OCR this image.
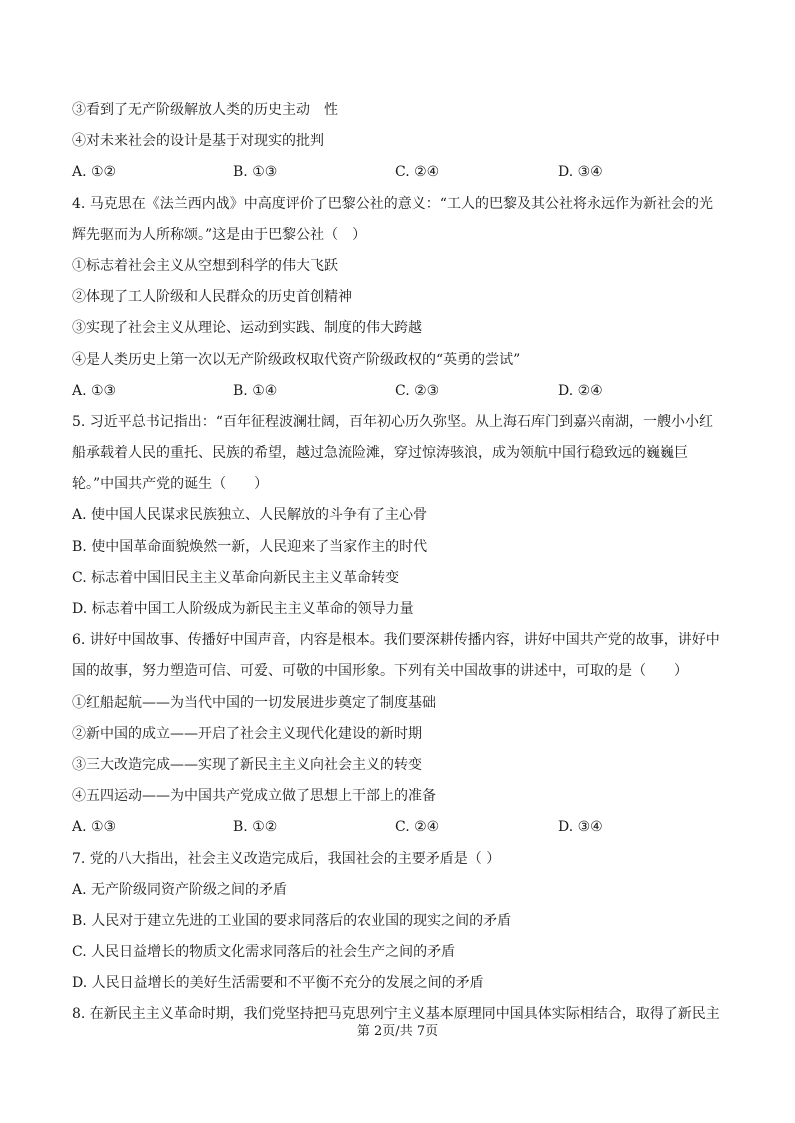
③看到了无产阶级解放人类的历史主动　性
④对未来社会的设计是基于对现实的批判
A. ①②	B. ①③	C. ②④	D. ③④
4. 马克思在《法兰西内战》中高度评价了巴黎公社的意义：“工人的巴黎及其公社将永远作为新社会的光
辉先驱而为人所称颂。”这是由于巴黎公社（　）
①标志着社会主义从空想到科学的伟大飞跃
②体现了工人阶级和人民群众的历史首创精神
③实现了社会主义从理论、运动到实践、制度的伟大跨越
④是人类历史上第一次以无产阶级政权取代资产阶级政权的“英勇的尝试”
A. ①③	B. ①④	C. ②③	D. ②④
5. 习近平总书记指出：“百年征程波澜壮阔，百年初心历久弥坚。从上海石库门到嘉兴南湖，一艘小小红
船承载着人民的重托、民族的希望，越过急流险滩，穿过惊涛骇浪，成为领航中国行稳致远的巍巍巨
轮。”中国共产党的诞生（　　）
A. 使中国人民谋求民族独立、人民解放的斗争有了主心骨
B. 使中国革命面貌焕然一新，人民迎来了当家作主的时代
C. 标志着中国旧民主主义革命向新民主主义革命转变
D. 标志着中国工人阶级成为新民主主义革命的领导力量
6. 讲好中国故事、传播好中国声音，内容是根本。我们要深耕传播内容，讲好中国共产党的故事，讲好中
国的故事，努力塑造可信、可爱、可敬的中国形象。下列有关中国故事的讲述中，可取的是（　　）
①红船起航——为当代中国的一切发展进步奠定了制度基础
②新中国的成立——开启了社会主义现代化建设的新时期
③三大改造完成——实现了新民主主义向社会主义的转变
④五四运动——为中国共产党成立做了思想上干部上的准备
A. ①③	B. ①②	C. ②④	D. ③④
7. 党的八大指出，社会主义改造完成后，我国社会的主要矛盾是（ ）
A. 无产阶级同资产阶级之间的矛盾
B. 人民对于建立先进的工业国的要求同落后的农业国的现实之间的矛盾
C. 人民日益增长的物质文化需求同落后的社会生产之间的矛盾
D. 人民日益增长的美好生活需要和不平衡不充分的发展之间的矛盾
8. 在新民主主义革命时期，我们党坚持把马克思列宁主义基本原理同中国具体实际相结合，取得了新民主
第 2页/共 7页
